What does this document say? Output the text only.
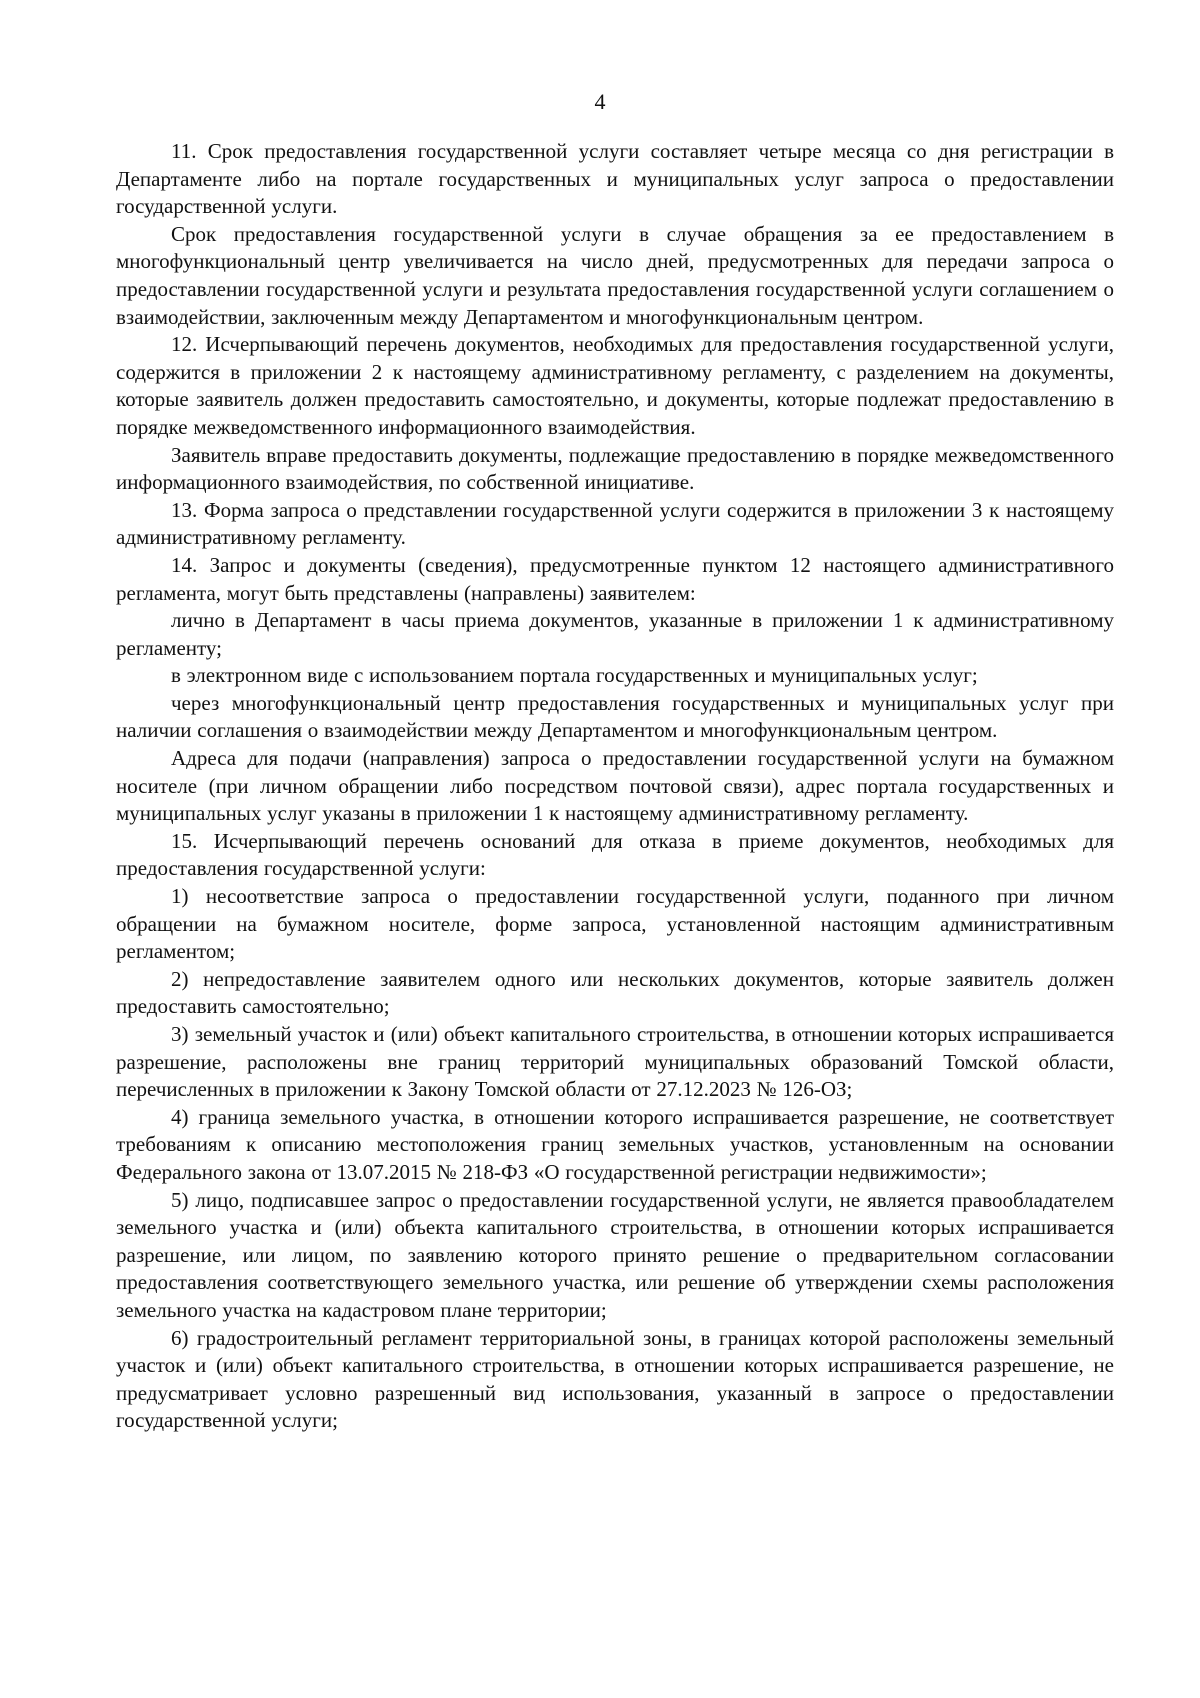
4

11. Срок предоставления государственной услуги составляет четыре месяца со дня регистрации в Департаменте либо на портале государственных и муниципальных услуг запроса о предоставлении государственной услуги.

Срок предоставления государственной услуги в случае обращения за ее предоставлением в многофункциональный центр увеличивается на число дней, предусмотренных для передачи запроса о предоставлении государственной услуги и результата предоставления государственной услуги соглашением о взаимодействии, заключенным между Департаментом и многофункциональным центром.

12. Исчерпывающий перечень документов, необходимых для предоставления государственной услуги, содержится в приложении 2 к настоящему административному регламенту, с разделением на документы, которые заявитель должен предоставить самостоятельно, и документы, которые подлежат предоставлению в порядке межведомственного информационного взаимодействия.

Заявитель вправе предоставить документы, подлежащие предоставлению в порядке межведомственного информационного взаимодействия, по собственной инициативе.

13. Форма запроса о представлении государственной услуги содержится в приложении 3 к настоящему административному регламенту.

14. Запрос и документы (сведения), предусмотренные пунктом 12 настоящего административного регламента, могут быть представлены (направлены) заявителем:

лично в Департамент в часы приема документов, указанные в приложении 1 к административному регламенту;

в электронном виде с использованием портала государственных и муниципальных услуг;

через многофункциональный центр предоставления государственных и муниципальных услуг при наличии соглашения о взаимодействии между Департаментом и многофункциональным центром.

Адреса для подачи (направления) запроса о предоставлении государственной услуги на бумажном носителе (при личном обращении либо посредством почтовой связи), адрес портала государственных и муниципальных услуг указаны в приложении 1 к настоящему административному регламенту.

15. Исчерпывающий перечень оснований для отказа в приеме документов, необходимых для предоставления государственной услуги:

1) несоответствие запроса о предоставлении государственной услуги, поданного при личном обращении на бумажном носителе, форме запроса, установленной настоящим административным регламентом;

2) непредоставление заявителем одного или нескольких документов, которые заявитель должен предоставить самостоятельно;

3) земельный участок и (или) объект капитального строительства, в отношении которых испрашивается разрешение, расположены вне границ территорий муниципальных образований Томской области, перечисленных в приложении к Закону Томской области от 27.12.2023 № 126-ОЗ;

4) граница земельного участка, в отношении которого испрашивается разрешение, не соответствует требованиям к описанию местоположения границ земельных участков, установленным на основании Федерального закона от 13.07.2015 № 218-ФЗ «О государственной регистрации недвижимости»;

5) лицо, подписавшее запрос о предоставлении государственной услуги, не является правообладателем земельного участка и (или) объекта капитального строительства, в отношении которых испрашивается разрешение, или лицом, по заявлению которого принято решение о предварительном согласовании предоставления соответствующего земельного участка, или решение об утверждении схемы расположения земельного участка на кадастровом плане территории;

6) градостроительный регламент территориальной зоны, в границах которой расположены земельный участок и (или) объект капитального строительства, в отношении которых испрашивается разрешение, не предусматривает условно разрешенный вид использования, указанный в запросе о предоставлении государственной услуги;
